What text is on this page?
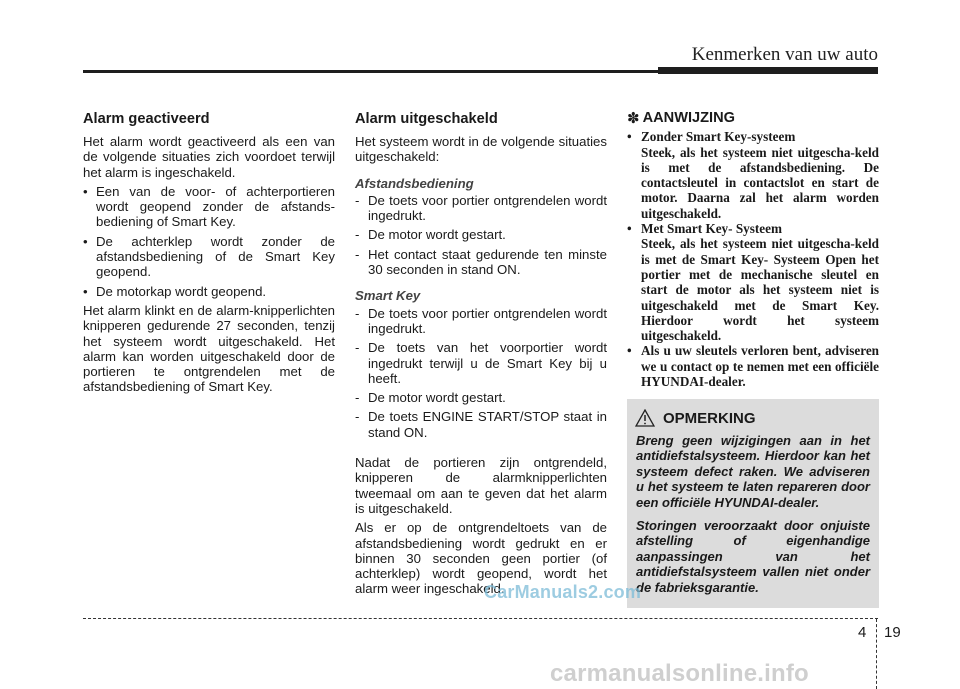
Kenmerken van uw auto
Alarm geactiveerd

Het alarm wordt geactiveerd als een van de volgende situaties zich voordoet terwijl het alarm is ingeschakeld.

• Een van de voor- of achterportieren wordt geopend zonder de afstands-bediening of Smart Key.
• De achterklep wordt zonder de afstandsbediening of de Smart Key geopend.
• De motorkap wordt geopend.

Het alarm klinkt en de alarm-knipperlichten knipperen gedurende 27 seconden, tenzij het systeem wordt uitgeschakeld. Het alarm kan worden uitgeschakeld door de portieren te ontgrendelen met de afstandsbediening of Smart Key.

Alarm uitgeschakeld

Het systeem wordt in de volgende situaties uitgeschakeld:

Afstandsbediening
- De toets voor portier ontgrendelen wordt ingedrukt.
- De motor wordt gestart.
- Het contact staat gedurende ten minste 30 seconden in stand ON.
Smart Key
- De toets voor portier ontgrendelen wordt ingedrukt.
- De toets van het voorportier wordt ingedrukt terwijl u de Smart Key bij u heeft.
- De motor wordt gestart.
- De toets ENGINE START/STOP staat in stand ON.

Nadat de portieren zijn ontgrendeld, knipperen de alarmknipperlichten tweemaal om aan te geven dat het alarm is uitgeschakeld.

Als er op de ontgrendeltoets van de afstandsbediening wordt gedrukt en er binnen 30 seconden geen portier (of achterklep) wordt geopend, wordt het alarm weer ingeschakeld.

✽ AANWIJZING
• Zonder Smart Key-systeem
Steek, als het systeem niet uitgescha-keld is met de afstandsbediening. De contactsleutel in contactslot en start de motor. Daarna zal het alarm worden uitgeschakeld.
• Met Smart Key- Systeem
Steek, als het systeem niet uitgescha-keld is met de Smart Key- Systeem Open het portier met de mechanische sleutel en start de motor als het systeem niet is uitgeschakeld met de Smart Key. Hierdoor wordt het systeem uitgeschakeld.
• Als u uw sleutels verloren bent, adviseren we u contact op te nemen met een officiële HYUNDAI-dealer.
OPMERKING

Breng geen wijzigingen aan in het antidiefstalsysteem. Hierdoor kan het systeem defect raken. We adviseren u het systeem te laten repareren door een officiële HYUNDAI-dealer.

Storingen veroorzaakt door onjuiste afstelling of eigenhandige aanpassingen van het antidiefstalsysteem vallen niet onder de fabrieksgarantie.

4 19
CarManuals2.com
carmanualsonline.info
